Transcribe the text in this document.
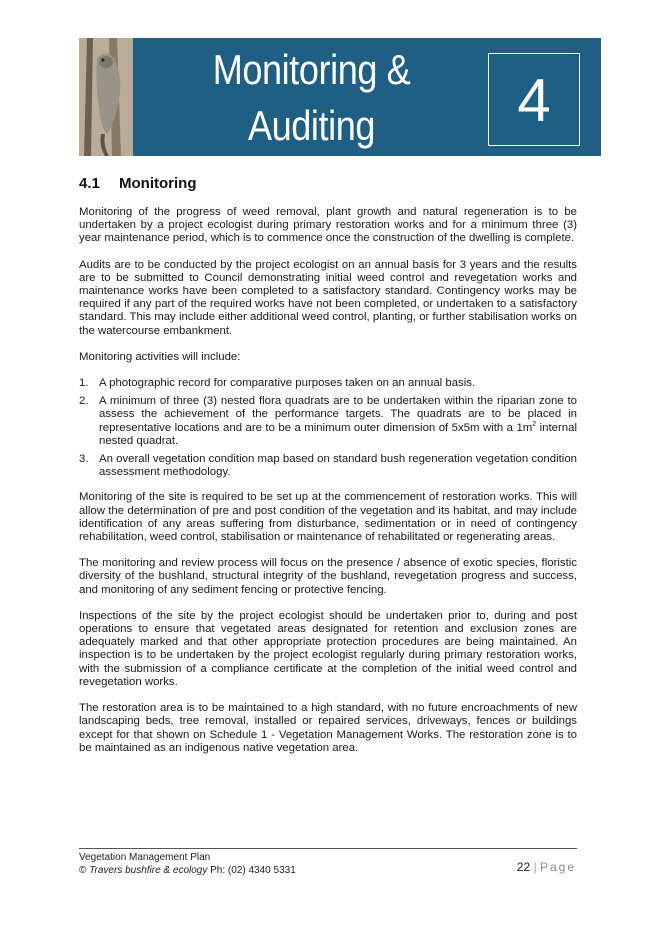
Monitoring &
Auditing	4
4.1 Monitoring

Monitoring of the progress of weed removal, plant growth and natural regeneration is to be undertaken by a project ecologist during primary restoration works and for a minimum three (3) year maintenance period, which is to commence once the construction of the dwelling is complete.

Audits are to be conducted by the project ecologist on an annual basis for 3 years and the results are to be submitted to Council demonstrating initial weed control and revegetation works and maintenance works have been completed to a satisfactory standard. Contingency works may be required if any part of the required works have not been completed, or undertaken to a satisfactory standard. This may include either additional weed control, planting, or further stabilisation works on the watercourse embankment.

Monitoring activities will include:

1. A photographic record for comparative purposes taken on an annual basis.
2. A minimum of three (3) nested flora quadrats are to be undertaken within the riparian zone to assess the achievement of the performance targets. The quadrats are to be placed in representative locations and are to be a minimum outer dimension of 5x5m with a $1m^2$ internal nested quadrat.
3. An overall vegetation condition map based on standard bush regeneration vegetation condition assessment methodology.

Monitoring of the site is required to be set up at the commencement of restoration works. This will allow the determination of pre and post condition of the vegetation and its habitat, and may include identification of any areas suffering from disturbance, sedimentation or in need of contingency rehabilitation, weed control, stabilisation or maintenance of rehabilitated or regenerating areas.

The monitoring and review process will focus on the presence / absence of exotic species, floristic diversity of the bushland, structural integrity of the bushland, revegetation progress and success, and monitoring of any sediment fencing or protective fencing.

Inspections of the site by the project ecologist should be undertaken prior to, during and post operations to ensure that vegetated areas designated for retention and exclusion zones are adequately marked and that other appropriate protection procedures are being maintained. An inspection is to be undertaken by the project ecologist regularly during primary restoration works, with the submission of a compliance certificate at the completion of the initial weed control and revegetation works.

The restoration area is to be maintained to a high standard, with no future encroachments of new landscaping beds, tree removal, installed or repaired services, driveways, fences or buildings except for that shown on Schedule 1 - Vegetation Management Works. The restoration zone is to be maintained as an indigenous native vegetation area.

Vegetation Management Plan
© Travers bushfire & ecology Ph: (02) 4340 5331	22 | Page
